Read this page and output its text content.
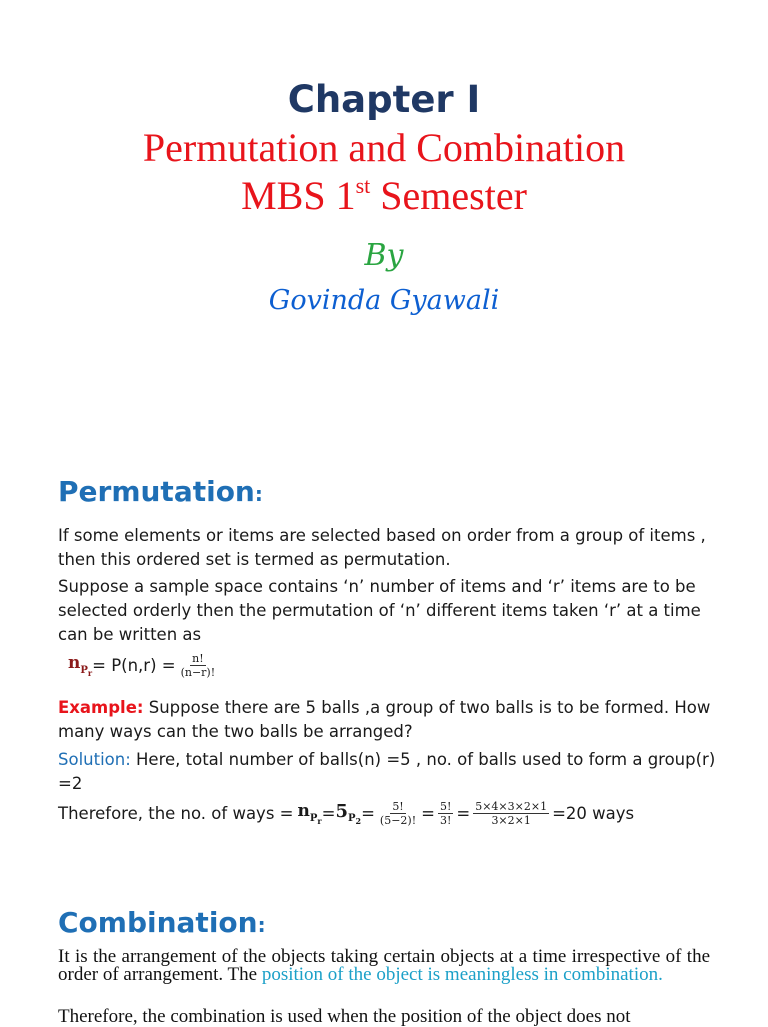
Chapter I
Permutation and Combination
MBS 1st Semester
By
Govinda Gyawali
Permutation:
If some elements or items are selected based on order from a group of items , then this ordered set is termed as permutation.
Suppose a sample space contains ‘n’ number of items and ‘r’ items are to be selected orderly then the permutation of ‘n’ different items taken ‘r’ at a time can be written as
$n_{P_r} = P(n,r) = \frac{n!}{(n-r)!}$
Example: Suppose there are 5 balls ,a group of two balls is to be formed. How many ways can the two balls be arranged?
Solution: Here, total number of balls(n) =5 , no. of balls used to form a group(r) =2
Therefore, the no. of ways = $n_{P_r} = 5_{P_2} = \frac{5!}{(5-2)!} = \frac{5!}{3!} = \frac{5\times 4\times 3\times 2\times 1}{3\times 2\times 1} =20$ ways
Combination:
It is the arrangement of the objects taking certain objects at a time irrespective of the order of arrangement. The position of the object is meaningless in combination.
Therefore, the combination is used when the position of the object does not
